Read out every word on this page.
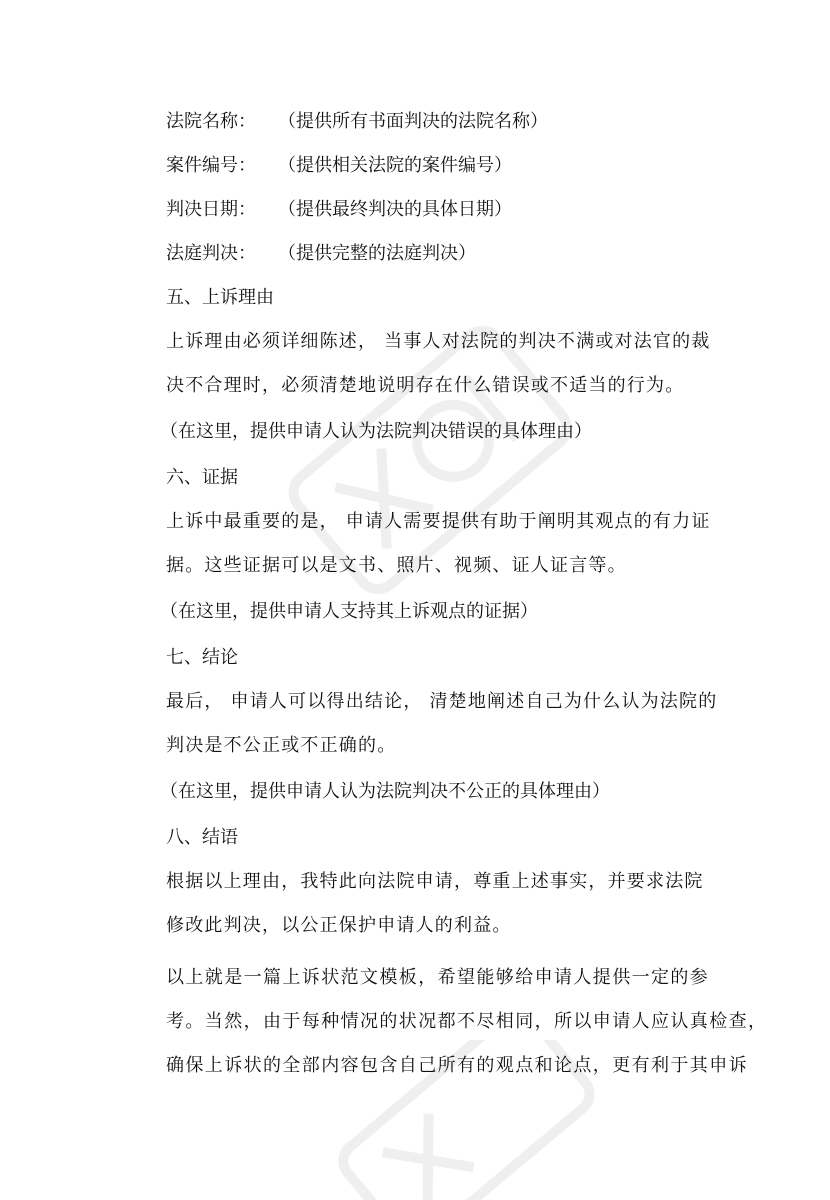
法院名称： （提供所有书面判决的法院名称）
案件编号： （提供相关法院的案件编号）
判决日期： （提供最终判决的具体日期）
法庭判决： （提供完整的法庭判决）
五、上诉理由
上诉理由必须详细陈述， 当事人对法院的判决不满或对法官的裁
决不合理时，必须清楚地说明存在什么错误或不适当的行为。
（在这里，提供申请人认为法院判决错误的具体理由）
六、证据
上诉中最重要的是， 申请人需要提供有助于阐明其观点的有力证
据。这些证据可以是文书、照片、视频、证人证言等。
（在这里，提供申请人支持其上诉观点的证据）
七、结论
最后， 申请人可以得出结论， 清楚地阐述自己为什么认为法院的
判决是不公正或不正确的。
（在这里，提供申请人认为法院判决不公正的具体理由）
八、结语
根据以上理由，我特此向法院申请，尊重上述事实，并要求法院
修改此判决，以公正保护申请人的利益。
以上就是一篇上诉状范文模板，希望能够给申请人提供一定的参
考。当然，由于每种情况的状况都不尽相同，所以申请人应认真检查，
确保上诉状的全部内容包含自己所有的观点和论点，更有利于其申诉
